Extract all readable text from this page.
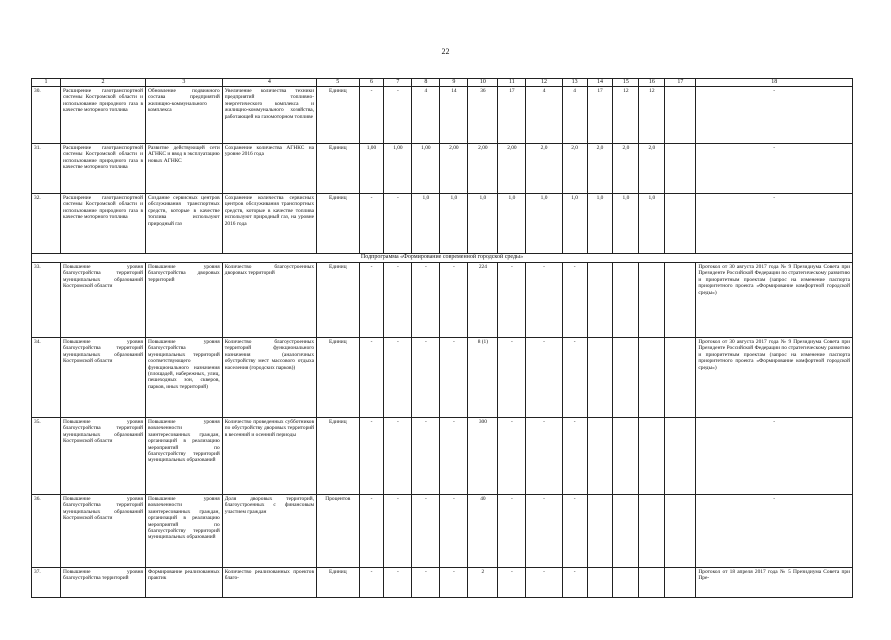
22
1	2	3	4	5	6	7	8	9	10	11	12	13	14	15	16	17	18
30.	Расширение газотранспортной системы Костромской области и использование природного газа в качестве моторного топлива	Обновление подвижного состава предприятий жилищно-коммунального комплекса	Увеличение количества техники предприятий топливно-энергетического комплекса и жилищно-коммунального хозяйства, работающей на газомоторном топливе	Единиц	-	-	4	14	36	17	4	4	17	12	12		-
31.	Расширение газотранспортной системы Костромской области и использование природного газа в качестве моторного топлива	Развитие действующей сети АГНКС и ввод в эксплуатацию новых АГНКС	Сохранение количества АГНКС на уровне 2016 года	Единиц	1,00	1,00	1,00	2,00	2,00	2,00	2,0	2,0	2,0	2,0	2,0		-
32.	Расширение газотранспортной системы Костромской области и использование природного газа в качестве моторного топлива	Создание сервисных центров обслуживания транспортных средств, которые в качестве топлива используют природный газ	Сохранение количества сервисных центров обслуживания транспортных средств, которые в качестве топлива используют природный газ, на уровне 2016 года	Единиц	-	-	1,0	1,0	1,0	1,0	1,0	1,0	1,0	1,0	1,0		-
Подпрограмма «Формирование современной городской среды»																	
33.	Повышение уровня благоустройства территорий муниципальных образований Костромской области	Повышение уровня благоустройства дворовых территорий	Количество благоустроенных дворовых территорий	Единиц	-	-	-	-	224	-	-	-					Протокол от 30 августа 2017 года № 9 Президиума Совета при Президенте Российской Федерации по стратегическому развитию и приоритетным проектам (запрос на изменение паспорта приоритетного проекта «Формирование комфортной городской среды»)
34.	Повышение уровня благоустройства территорий муниципальных образований Костромской области	Повышение уровня благоустройства муниципальных территорий соответствующего функционального назначения (площадей, набережных, улиц, пешеходных зон, скверов, парков, иных территорий)	Количество благоустроенных территорий функционального назначения (аналогичных обустройству мест массового отдыха населения (городских парков))	Единиц	-	-	-	-	8 (1)	-	-	-					Протокол от 30 августа 2017 года № 9 Президиума Совета при Президенте Российской Федерации по стратегическому развитию и приоритетным проектам (запрос на изменение паспорта приоритетного проекта «Формирование комфортной городской среды»)
35.	Повышение уровня благоустройства территорий муниципальных образований Костромской области	Повышение уровня вовлеченности заинтересованных граждан, организаций в реализацию мероприятий по благоустройству территорий муниципальных образований	Количество проведенных субботников по обустройству дворовых территорий в весенний и осенний периоды	Единиц	-	-	-	-	300	-	-	-					-
36.	Повышение уровня благоустройства территорий муниципальных образований Костромской области	Повышение уровня вовлеченности заинтересованных граждан, организаций в реализацию мероприятий по благоустройству территорий муниципальных образований	Доля дворовых территорий, благоустроенных с финансовым участием граждан	Процентов	-	-	-	-	40	-	-	-					-
37.	Повышение уровня благоустройства территорий	Формирование реализованных практик	Количество реализованных проектов благо-	Единиц	-	-	-	-	2	-	-	-					Протокол от 18 апреля 2017 года № 5 Президиума Совета при Пре-
